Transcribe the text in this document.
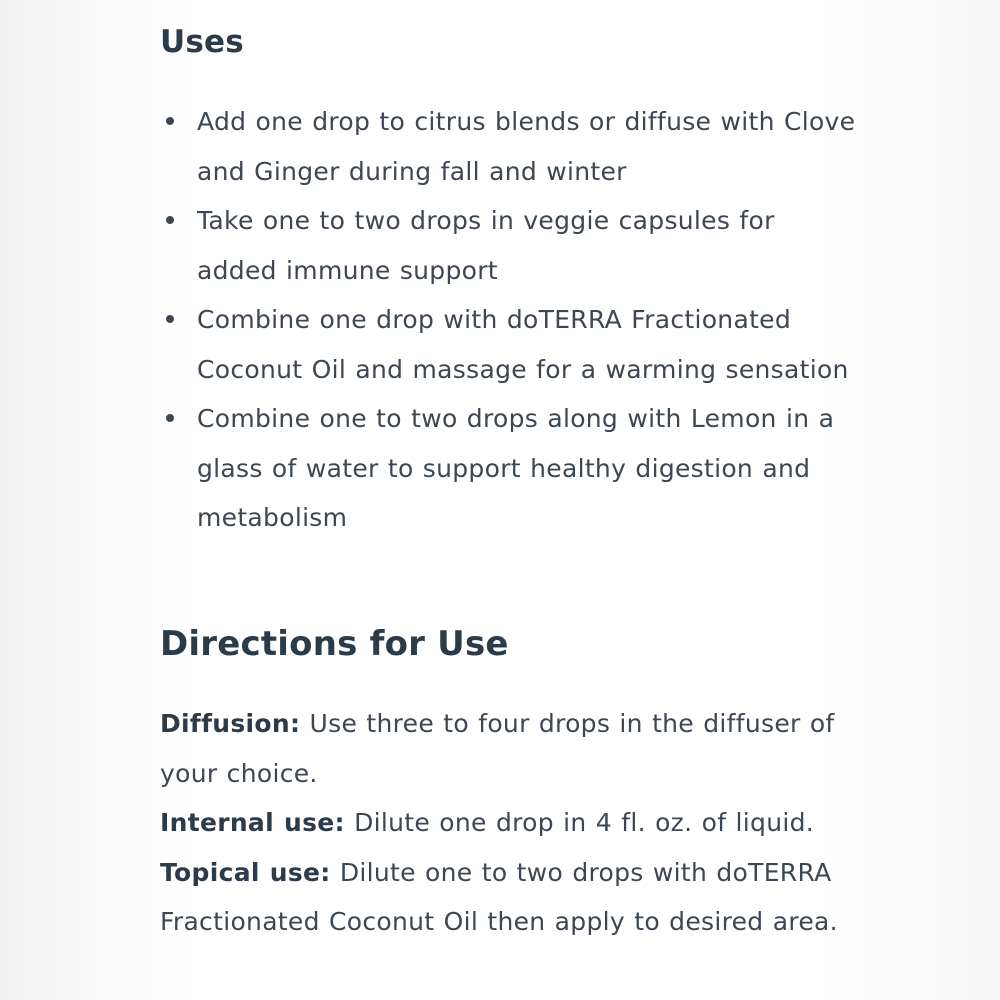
Uses
Add one drop to citrus blends or diffuse with Clove and Ginger during fall and winter
Take one to two drops in veggie capsules for added immune support
Combine one drop with doTERRA Fractionated Coconut Oil and massage for a warming sensation
Combine one to two drops along with Lemon in a glass of water to support healthy digestion and metabolism
Directions for Use

Diffusion: Use three to four drops in the diffuser of your choice.

Internal use: Dilute one drop in 4 fl. oz. of liquid.

Topical use: Dilute one to two drops with doTERRA Fractionated Coconut Oil then apply to desired area.
